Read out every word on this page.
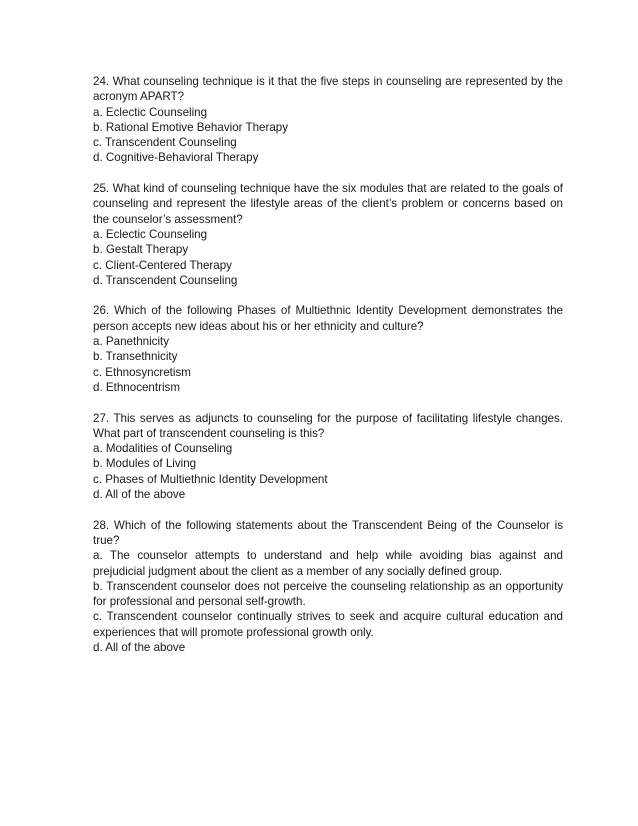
24. What counseling technique is it that the five steps in counseling are represented by the acronym APART?

a. Eclectic Counseling

b. Rational Emotive Behavior Therapy

c. Transcendent Counseling

d. Cognitive-Behavioral Therapy

25. What kind of counseling technique have the six modules that are related to the goals of counseling and represent the lifestyle areas of the client’s problem or concerns based on the counselor’s assessment?

a. Eclectic Counseling

b. Gestalt Therapy

c. Client-Centered Therapy

d. Transcendent Counseling

26. Which of the following Phases of Multiethnic Identity Development demonstrates the person accepts new ideas about his or her ethnicity and culture?

a. Panethnicity

b. Transethnicity

c. Ethnosyncretism

d. Ethnocentrism

27. This serves as adjuncts to counseling for the purpose of facilitating lifestyle changes. What part of transcendent counseling is this?

a. Modalities of Counseling

b. Modules of Living

c. Phases of Multiethnic Identity Development

d. All of the above

28. Which of the following statements about the Transcendent Being of the Counselor is true?

a. The counselor attempts to understand and help while avoiding bias against and prejudicial judgment about the client as a member of any socially defined group.

b. Transcendent counselor does not perceive the counseling relationship as an opportunity for professional and personal self-growth.

c. Transcendent counselor continually strives to seek and acquire cultural education and experiences that will promote professional growth only.

d. All of the above
